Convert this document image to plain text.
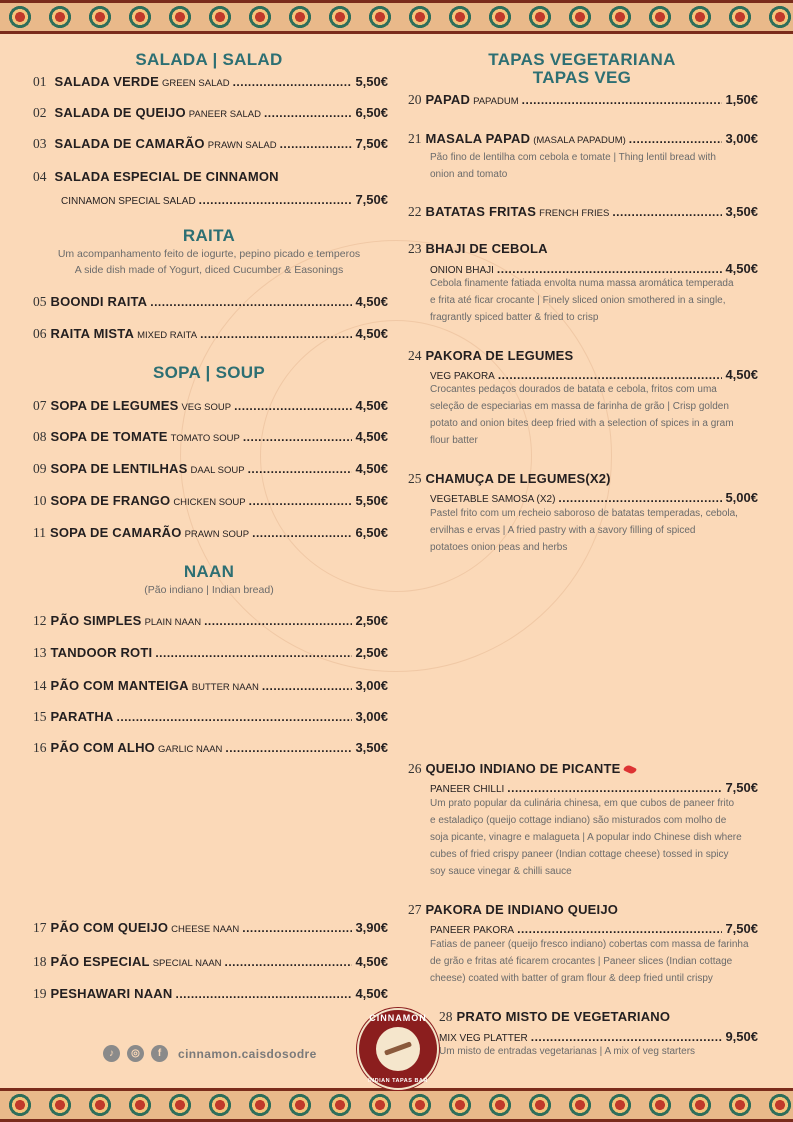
SALADA | SALAD
01 SALADA VERDE GREEN SALAD .....	5,50€
02 SALADA DE QUEIJO PANEER SALAD .....	6,50€
03 SALADA DE CAMARÃO PRAWN SALAD .....	7,50€
04 SALADA ESPECIAL DE CINNAMON
CINNAMON SPECIAL SALAD .....	7,50€
RAITA
Um acompanhamento feito de iogurte, pepino picado e temperos
A side dish made of Yogurt, diced Cucumber & Easonings
05 BOONDI RAITA .....	4,50€
06 RAITA MISTA MIXED RAITA .....	4,50€
SOPA | SOUP
07 SOPA DE LEGUMES VEG SOUP .....	4,50€
08 SOPA DE TOMATE TOMATO SOUP .....	4,50€
09 SOPA DE LENTILHAS DAAL SOUP .....	4,50€
10 SOPA DE FRANGO CHICKEN SOUP .....	5,50€
11 SOPA DE CAMARÃO PRAWN SOUP .....	6,50€
NAAN
(Pão indiano | Indian bread)
12 PÃO SIMPLES PLAIN NAAN .....	2,50€
13 TANDOOR ROTI .....	2,50€
14 PÃO COM MANTEIGA BUTTER NAAN .....	3,00€
15 PARATHA .....	3,00€
16 PÃO COM ALHO GARLIC NAAN .....	3,50€
17 PÃO COM QUEIJO CHEESE NAAN .....	3,90€
18 PÃO ESPECIAL SPECIAL NAAN .....	4,50€
19 PESHAWARI NAAN .....	4,50€
TAPAS VEGETARIANA
TAPAS VEG
20 PAPAD PAPADUM .....	1,50€
21 MASALA PAPAD (MASALA PAPADUM) .....	3,00€
Pão fino de lentilha com cebola e tomate | Thing lentil bread with
onion and tomato
22 BATATAS FRITAS FRENCH FRIES .....	3,50€
23 BHAJI DE CEBOLA
ONION BHAJI .....	4,50€
Cebola finamente fatiada envolta numa massa aromática temperada
e frita até ficar crocante | Finely sliced onion smothered in a single,
fragrantly spiced batter & fried to crisp
24 PAKORA DE LEGUMES
VEG PAKORA .....	4,50€
Crocantes pedaços dourados de batata e cebola, fritos com uma
seleção de especiarias em massa de farinha de grão | Crisp golden
potato and onion bites deep fried with a selection of spices in a gram
flour batter
25 CHAMUÇA DE LEGUMES(X2)
VEGETABLE SAMOSA (X2) .....	5,00€
Pastel frito com um recheio saboroso de batatas temperadas, cebola,
ervilhas e ervas | A fried pastry with a savory filling of spiced
potatoes onion peas and herbs
26 QUEIJO INDIANO DE PICANTE
PANEER CHILLI .....	7,50€
Um prato popular da culinária chinesa, em que cubos de paneer frito
e estaladiço (queijo cottage indiano) são misturados com molho de
soja picante, vinagre e malagueta | A popular indo Chinese dish where
cubes of fried crispy paneer (Indian cottage cheese) tossed in spicy
soy sauce vinegar & chilli sauce
27 PAKORA DE INDIANO QUEIJO
PANEER PAKORA .....	7,50€
Fatias de paneer (queijo fresco indiano) cobertas com massa de farinha
de grão e fritas até ficarem crocantes | Paneer slices (Indian cottage
cheese) coated with batter of gram flour & deep fried until crispy
28 PRATO MISTO DE VEGETARIANO
MIX VEG PLATTER .....	9,50€
Um misto de entradas vegetarianas | A mix of veg starters
CINNAMON
INDIAN TAPAS BAR
♪	◎	f	cinnamon.caisdosodre
